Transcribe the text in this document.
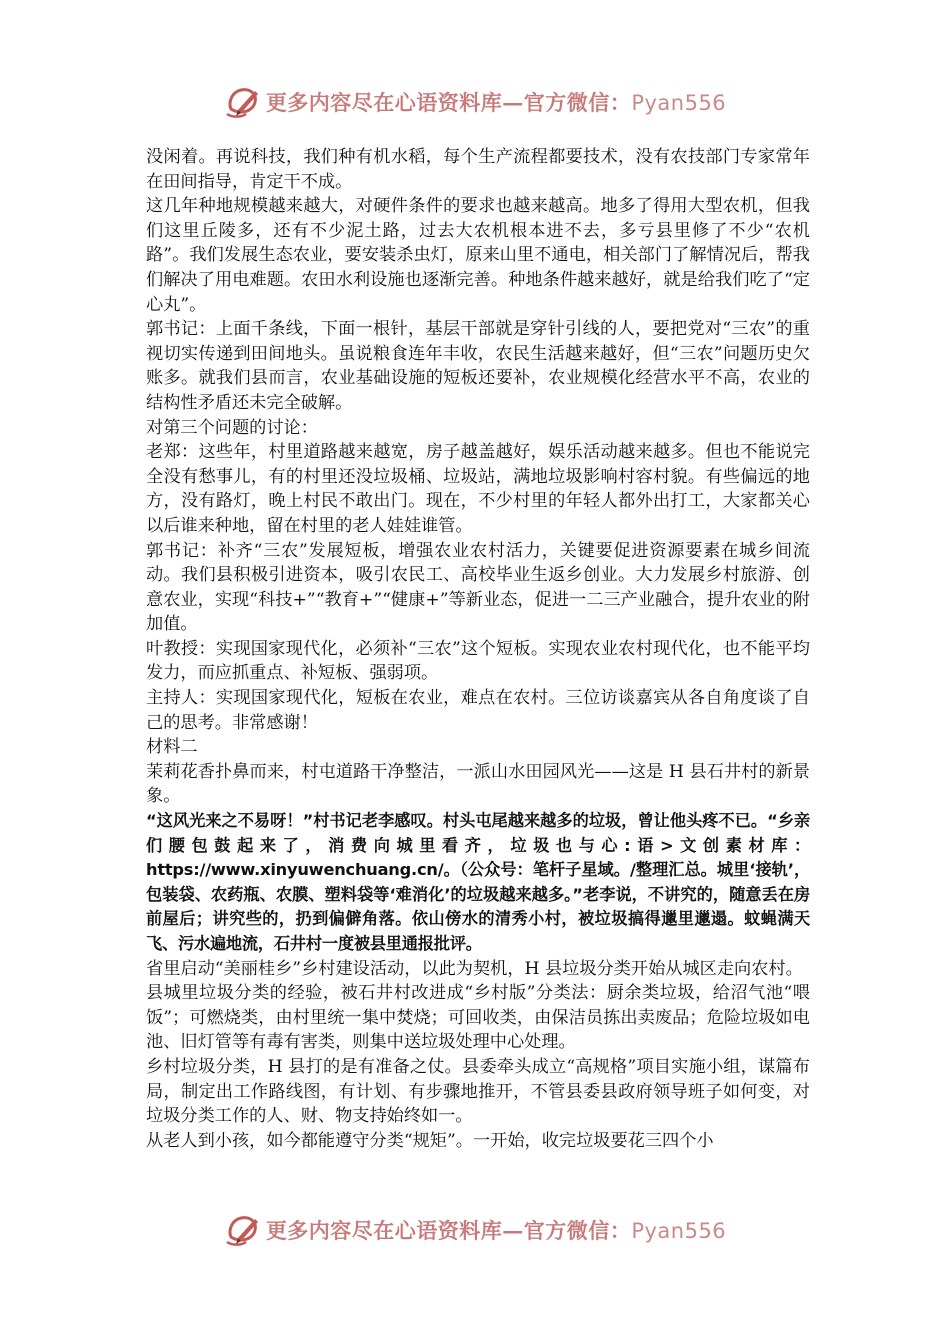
更多内容尽在心语资料库—官方微信：Pyan556

没闲着。再说科技，我们种有机水稻，每个生产流程都要技术，没有农技部门专家常年在田间指导，肯定干不成。

这几年种地规模越来越大，对硬件条件的要求也越来越高。地多了得用大型农机，但我们这里丘陵多，还有不少泥土路，过去大农机根本进不去，多亏县里修了不少“农机路”。我们发展生态农业，要安装杀虫灯，原来山里不通电，相关部门了解情况后，帮我们解决了用电难题。农田水利设施也逐渐完善。种地条件越来越好，就是给我们吃了“定心丸”。

郭书记：上面千条线，下面一根针，基层干部就是穿针引线的人，要把党对“三农”的重视切实传递到田间地头。虽说粮食连年丰收，农民生活越来越好，但“三农”问题历史欠账多。就我们县而言，农业基础设施的短板还要补，农业规模化经营水平不高，农业的结构性矛盾还未完全破解。

对第三个问题的讨论：

老郑：这些年，村里道路越来越宽，房子越盖越好，娱乐活动越来越多。但也不能说完全没有愁事儿，有的村里还没垃圾桶、垃圾站，满地垃圾影响村容村貌。有些偏远的地方，没有路灯，晚上村民不敢出门。现在，不少村里的年轻人都外出打工，大家都关心以后谁来种地，留在村里的老人娃娃谁管。

郭书记：补齐“三农”发展短板，增强农业农村活力，关键要促进资源要素在城乡间流动。我们县积极引进资本，吸引农民工、高校毕业生返乡创业。大力发展乡村旅游、创意农业，实现“科技+”“教育+”“健康+”等新业态，促进一二三产业融合，提升农业的附加值。

叶教授：实现国家现代化，必须补“三农”这个短板。实现农业农村现代化，也不能平均发力，而应抓重点、补短板、强弱项。

主持人：实现国家现代化，短板在农业，难点在农村。三位访谈嘉宾从各自角度谈了自己的思考。非常感谢！

材料二

茉莉花香扑鼻而来，村屯道路干净整洁，一派山水田园风光——这是 H 县石井村的新景象。

“这风光来之不易呀！”村书记老李感叹。村头屯尾越来越多的垃圾，曾让他头疼不已。“乡亲们腰包鼓起来了，消费向城里看齐，垃圾也与心:语>文创素材库：https://www.xinyuwenchuang.cn/。（公众号：笔杆子星域。/整理汇总。城里‘接轨’，包装袋、农药瓶、农膜、塑料袋等‘难消化’的垃圾越来越多。”老李说，不讲究的，随意丢在房前屋后；讲究些的，扔到偏僻角落。依山傍水的清秀小村，被垃圾搞得邋里邋遢。蚊蝇满天飞、污水遍地流，石井村一度被县里通报批评。

省里启动“美丽桂乡”乡村建设活动，以此为契机，H 县垃圾分类开始从城区走向农村。

县城里垃圾分类的经验，被石井村改进成“乡村版”分类法：厨余类垃圾，给沼气池“喂饭”；可燃烧类，由村里统一集中焚烧；可回收类，由保洁员拣出卖废品；危险垃圾如电池、旧灯管等有毒有害类，则集中送垃圾处理中心处理。

乡村垃圾分类，H 县打的是有准备之仗。县委牵头成立“高规格”项目实施小组，谋篇布局，制定出工作路线图，有计划、有步骤地推开，不管县委县政府领导班子如何变，对垃圾分类工作的人、财、物支持始终如一。

从老人到小孩，如今都能遵守分类“规矩”。一开始，收完垃圾要花三四个小

更多内容尽在心语资料库—官方微信：Pyan556
